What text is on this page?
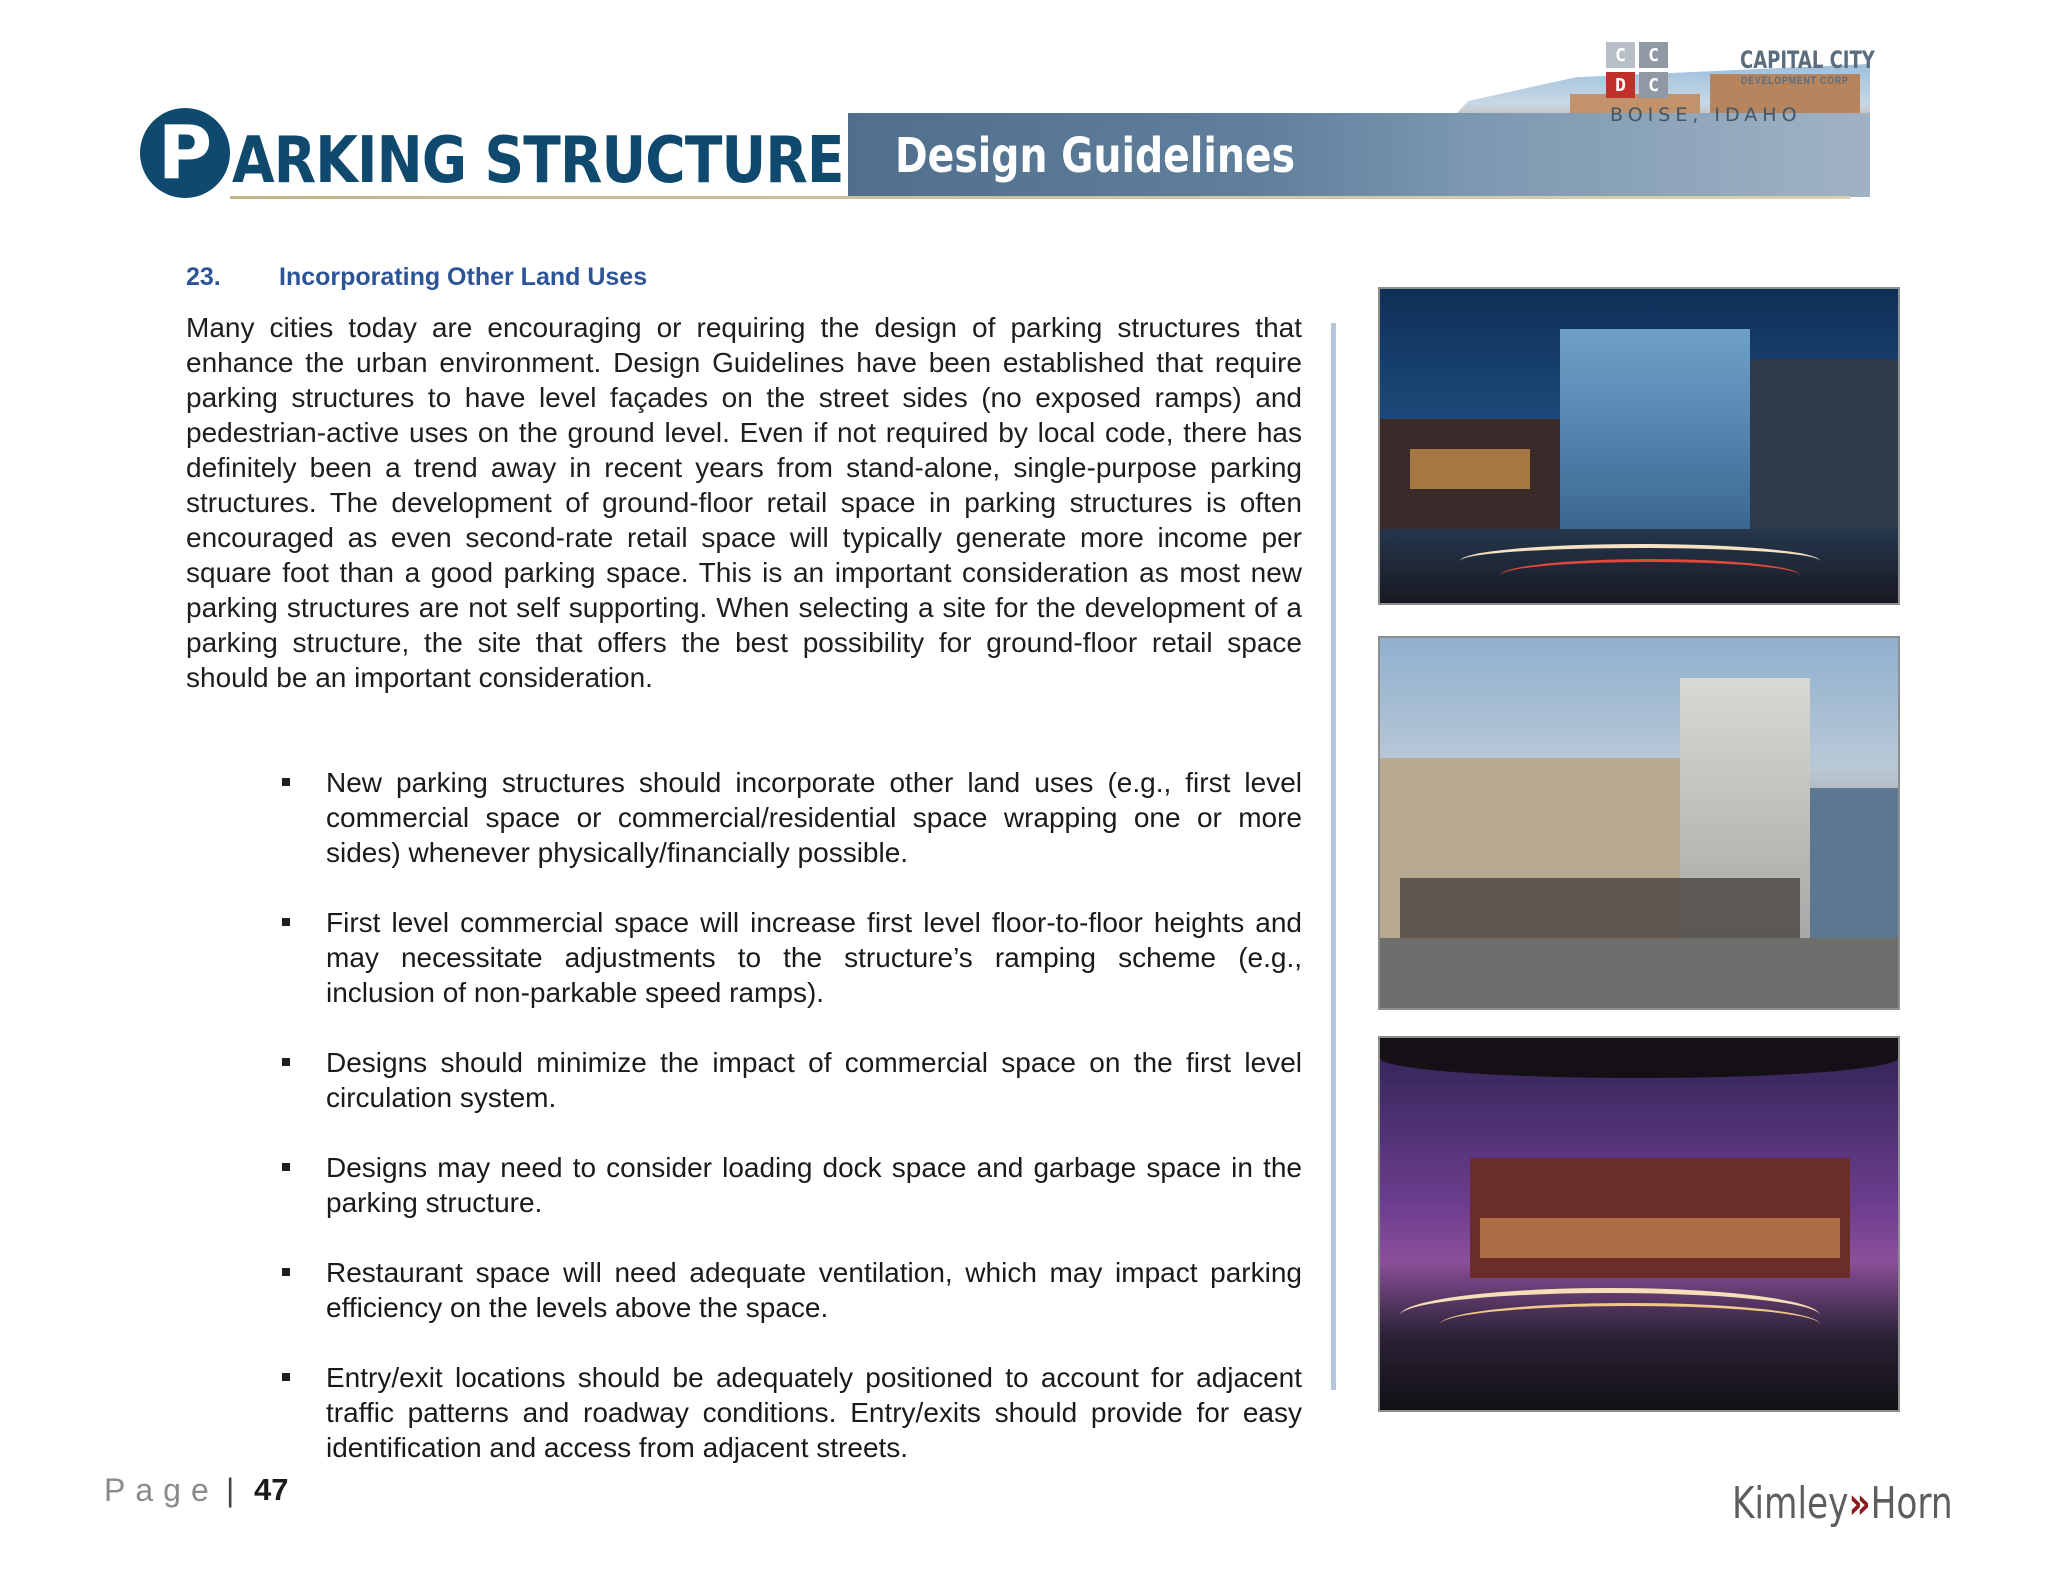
Design Guidelines
P ARKING STRUCTURE
C	C
D	C
CAPITAL CITY
DEVELOPMENT CORP
BOISE, IDAHO
23. Incorporating Other Land Uses
Many cities today are encouraging or requiring the design of parking structures that enhance the urban environment. Design Guidelines have been established that require parking structures to have level façades on the street sides (no exposed ramps) and pedestrian-active uses on the ground level. Even if not required by local code, there has definitely been a trend away in recent years from stand-alone, single-purpose parking structures. The development of ground-floor retail space in parking structures is often encouraged as even second-rate retail space will typically generate more income per square foot than a good parking space. This is an important consideration as most new parking structures are not self supporting. When selecting a site for the development of a parking structure, the site that offers the best possibility for ground-floor retail space should be an important consideration.
New parking structures should incorporate other land uses (e.g., first level commercial space or commercial/residential space wrapping one or more sides) whenever physically/financially possible.
First level commercial space will increase first level floor-to-floor heights and may necessitate adjustments to the structure’s ramping scheme (e.g., inclusion of non-parkable speed ramps).
Designs should minimize the impact of commercial space on the first level circulation system.
Designs may need to consider loading dock space and garbage space in the parking structure.
Restaurant space will need adequate ventilation, which may impact parking efficiency on the levels above the space.
Entry/exit locations should be adequately positioned to account for adjacent traffic patterns and roadway conditions. Entry/exits should provide for easy identification and access from adjacent streets.
Page | 47	Kimley»Horn
